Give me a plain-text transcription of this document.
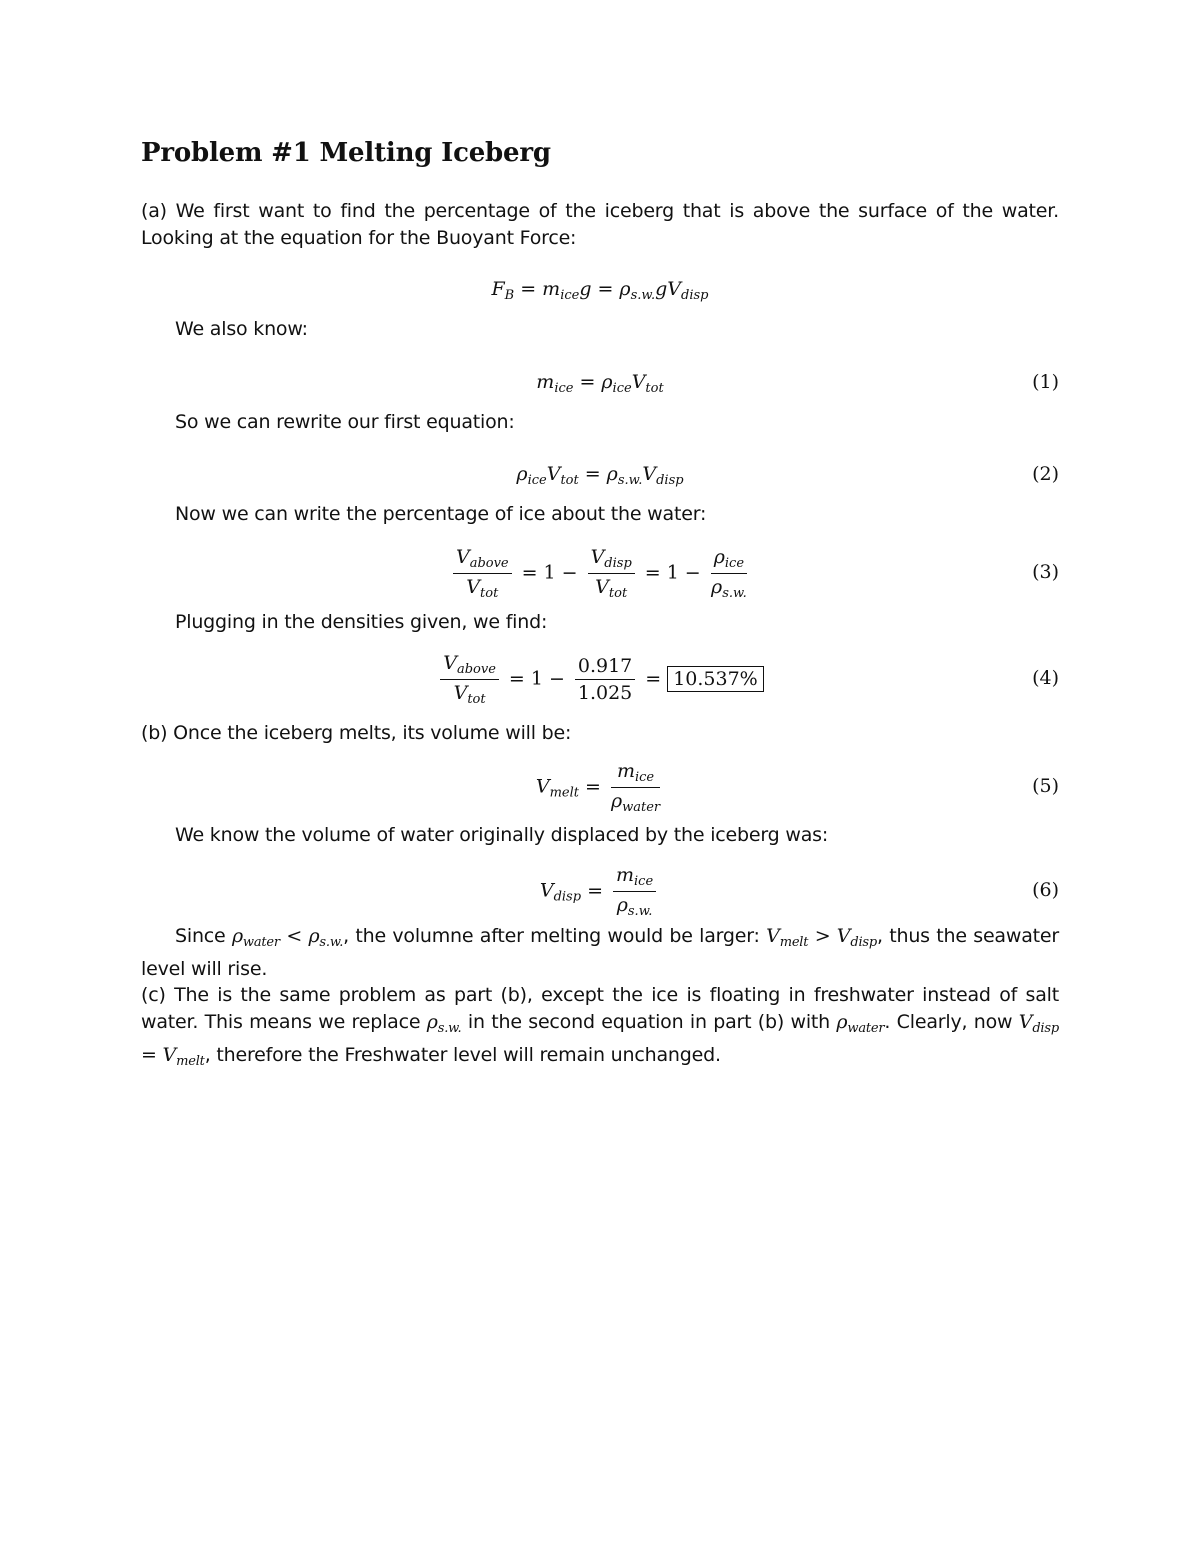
Problem #1 Melting Iceberg
(a) We first want to find the percentage of the iceberg that is above the surface of the water. Looking at the equation for the Buoyant Force:
$F_B = m_{ice}g = \rho_{s.w.}gV_{disp}$
We also know:
$m_{ice} = \rho_{ice}V_{tot}$	(1)
So we can rewrite our first equation:
$\rho_{ice}V_{tot} = \rho_{s.w.}V_{disp}$	(2)
Now we can write the percentage of ice about the water:
$\frac{V_{above}}{V_{tot}} = 1 - \frac{V_{disp}}{V_{tot}} = 1 - \frac{\rho_{ice}}{\rho_{s.w.}}$	(3)
Plugging in the densities given, we find:
$\frac{V_{above}}{V_{tot}} = 1 - \frac{0.917}{1.025} = 10.537\%$	(4)
(b) Once the iceberg melts, its volume will be:
$V_{melt} = \frac{m_{ice}}{\rho_{water}}$	(5)
We know the volume of water originally displaced by the iceberg was:
$V_{disp} = \frac{m_{ice}}{\rho_{s.w.}}$	(6)
Since $\rho_{water} < \rho_{s.w.}$, the volumne after melting would be larger: $V_{melt} > V_{disp}$, thus the seawater level will rise.
(c) The is the same problem as part (b), except the ice is floating in freshwater instead of salt water. This means we replace $\rho_{s.w.}$ in the second equation in part (b) with $\rho_{water}$. Clearly, now $V_{disp} = V_{melt}$, therefore the Freshwater level will remain unchanged.
